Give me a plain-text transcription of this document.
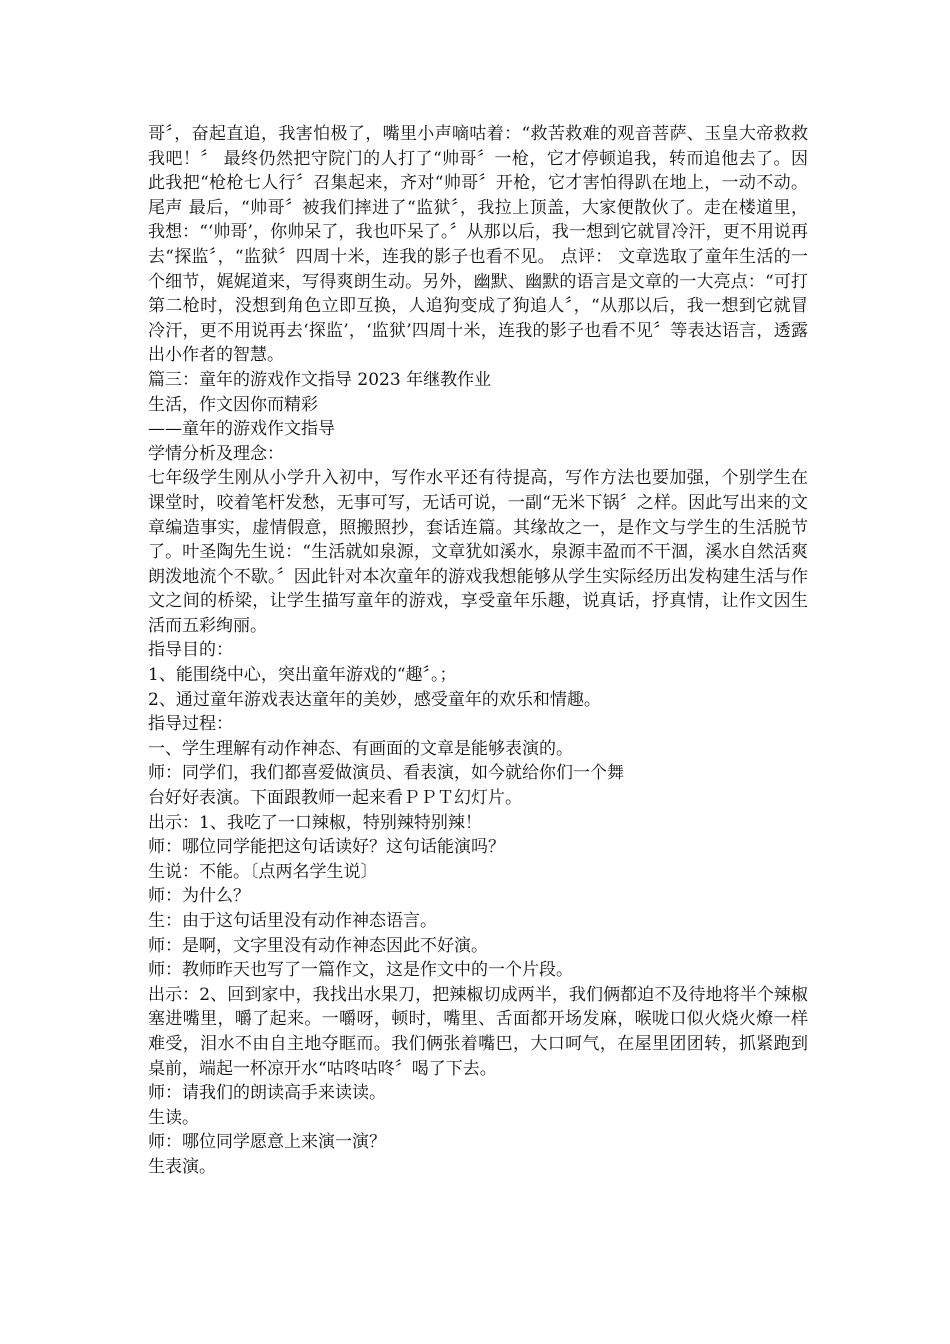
哥〞，奋起直追，我害怕极了，嘴里小声嘀咕着：“救苦救难的观音菩萨、玉皇大帝救救我吧！〞 最终仍然把守院门的人打了“帅哥〞一枪，它才停顿追我，转而追他去了。因此我把“枪枪七人行〞召集起来，齐对“帅哥〞开枪，它才害怕得趴在地上，一动不动。 尾声 最后，“帅哥〞被我们摔进了“监狱〞，我拉上顶盖，大家便散伙了。走在楼道里，我想：“‘帅哥’，你帅呆了，我也吓呆了。〞从那以后，我一想到它就冒冷汗，更不用说再去“探监〞，“监狱〞四周十米，连我的影子也看不见。 点评： 文章选取了童年生活的一个细节，娓娓道来，写得爽朗生动。另外，幽默、幽默的语言是文章的一大亮点：“可打第二枪时，没想到角色立即互换，人追狗变成了狗追人〞，“从那以后，我一想到它就冒冷汗，更不用说再去‘探监’，‘监狱’四周十米，连我的影子也看不见〞等表达语言，透露出小作者的智慧。

篇三：童年的游戏作文指导 2023 年继教作业

生活，作文因你而精彩

——童年的游戏作文指导

学情分析及理念：

七年级学生刚从小学升入初中，写作水平还有待提高，写作方法也要加强，个别学生在课堂时，咬着笔杆发愁，无事可写，无话可说，一副“无米下锅〞之样。因此写出来的文章编造事实，虚情假意，照搬照抄，套话连篇。其缘故之一，是作文与学生的生活脱节了。叶圣陶先生说：“生活就如泉源，文章犹如溪水，泉源丰盈而不干涸，溪水自然活爽朗泼地流个不歇。〞因此针对本次童年的游戏我想能够从学生实际经历出发构建生活与作文之间的桥梁，让学生描写童年的游戏，享受童年乐趣，说真话，抒真情，让作文因生活而五彩绚丽。

指导目的：

1、能围绕中心，突出童年游戏的“趣〞。；

2、通过童年游戏表达童年的美妙，感受童年的欢乐和情趣。

指导过程：

一、学生理解有动作神态、有画面的文章是能够表演的。

师：同学们，我们都喜爱做演员、看表演，如今就给你们一个舞

台好好表演。下面跟教师一起来看ＰＰＴ幻灯片。

出示：1、我吃了一口辣椒，特别辣特别辣！

师：哪位同学能把这句话读好？这句话能演吗？

生说：不能。〔点两名学生说〕

师：为什么？

生：由于这句话里没有动作神态语言。

师：是啊，文字里没有动作神态因此不好演。

师：教师昨天也写了一篇作文，这是作文中的一个片段。

出示：2、回到家中，我找出水果刀，把辣椒切成两半，我们俩都迫不及待地将半个辣椒塞进嘴里，嚼了起来。一嚼呀，顿时，嘴里、舌面都开场发麻，喉咙口似火烧火燎一样难受，泪水不由自主地夺眶而。我们俩张着嘴巴，大口呵气，在屋里团团转，抓紧跑到桌前，端起一杯凉开水“咕咚咕咚〞喝了下去。

师：请我们的朗读高手来读读。

生读。

师：哪位同学愿意上来演一演？

生表演。
